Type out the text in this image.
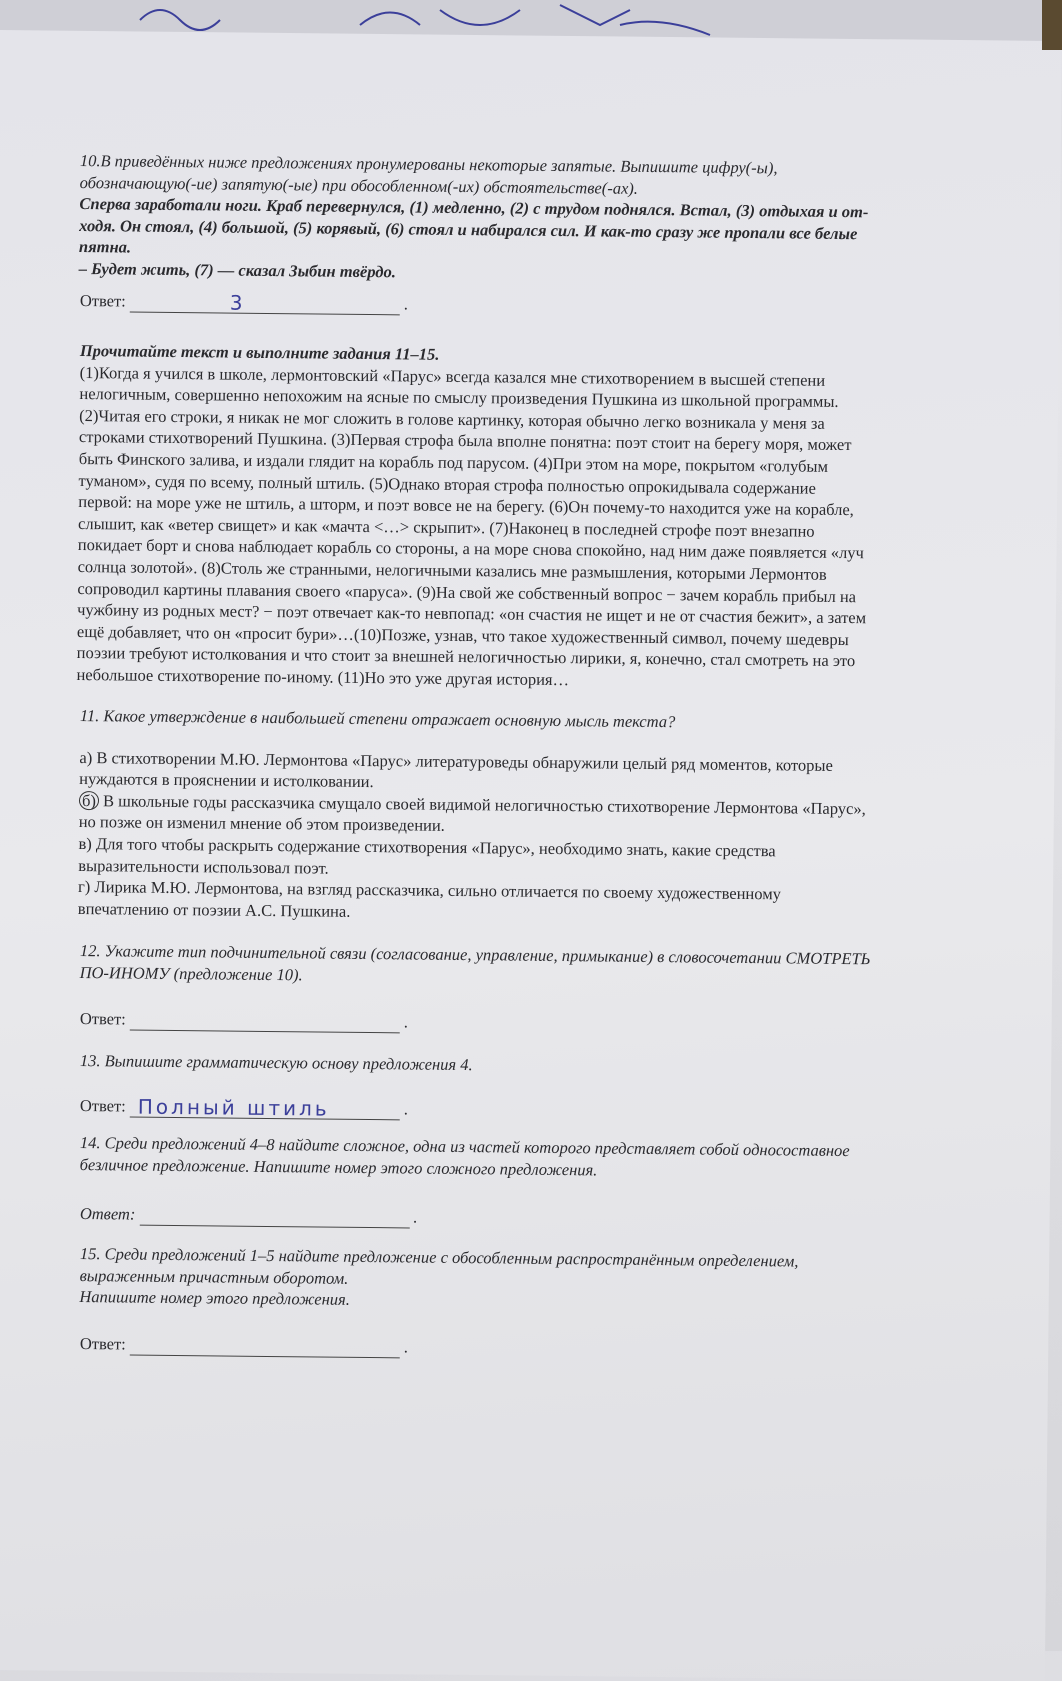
10.В приведённых ниже предложениях пронумерованы некоторые запятые. Выпишите цифру(-ы),
обозначающую(-ие) запятую(-ые) при обособленном(-их) обстоятельстве(-ах).
Сперва заработали ноги. Краб перевернулся, (1) медленно, (2) с трудом поднялся. Встал, (3) отдыхая и от-
ходя. Он стоял, (4) большой, (5) корявый, (6) стоял и набирался сил. И как-то сразу же пропали все белые
пятна.
– Будет жить, (7) — сказал Зыбин твёрдо.
Ответ:	3	.
Прочитайте текст и выполните задания 11–15.
(1)Когда я учился в школе, лермонтовский «Парус» всегда казался мне стихотворением в высшей степени
нелогичным, совершенно непохожим на ясные по смыслу произведения Пушкина из школьной программы.
(2)Читая его строки, я никак не мог сложить в голове картинку, которая обычно легко возникала у меня за
строками стихотворений Пушкина. (3)Первая строфа была вполне понятна: поэт стоит на берегу моря, может
быть Финского залива, и издали глядит на корабль под парусом. (4)При этом на море, покрытом «голубым
туманом», судя по всему, полный штиль. (5)Однако вторая строфа полностью опрокидывала содержание
первой: на море уже не штиль, а шторм, и поэт вовсе не на берегу. (6)Он почему-то находится уже на корабле,
слышит, как «ветер свищет» и как «мачта <…> скрыпит». (7)Наконец в последней строфе поэт внезапно
покидает борт и снова наблюдает корабль со стороны, а на море снова спокойно, над ним даже появляется «луч
солнца золотой». (8)Столь же странными, нелогичными казались мне размышления, которыми Лермонтов
сопроводил картины плавания своего «паруса». (9)На свой же собственный вопрос − зачем корабль прибыл на
чужбину из родных мест? − поэт отвечает как-то невпопад: «он счастия не ищет и не от счастия бежит», а затем
ещё добавляет, что он «просит бури»…(10)Позже, узнав, что такое художественный символ, почему шедевры
поэзии требуют истолкования и что стоит за внешней нелогичностью лирики, я, конечно, стал смотреть на это
небольшое стихотворение по-иному. (11)Но это уже другая история…
11. Какое утверждение в наибольшей степени отражает основную мысль текста?
а) В стихотворении М.Ю. Лермонтова «Парус» литературоведы обнаружили целый ряд моментов, которые
нуждаются в прояснении и истолковании.
б) В школьные годы рассказчика смущало своей видимой нелогичностью стихотворение Лермонтова «Парус»,
но позже он изменил мнение об этом произведении.
в) Для того чтобы раскрыть содержание стихотворения «Парус», необходимо знать, какие средства
выразительности использовал поэт.
г) Лирика М.Ю. Лермонтова, на взгляд рассказчика, сильно отличается по своему художественному
впечатлению от поэзии А.С. Пушкина.
12. Укажите тип подчинительной связи (согласование, управление, примыкание) в словосочетании СМОТРЕТЬ
ПО-ИНОМУ (предложение 10).
Ответ:	.
13. Выпишите грамматическую основу предложения 4.
Ответ: Полный штиль	.
14. Среди предложений 4–8 найдите сложное, одна из частей которого представляет собой односоставное
безличное предложение. Напишите номер этого сложного предложения.
Ответ:	.
15. Среди предложений 1–5 найдите предложение с обособленным распространённым определением,
выраженным причастным оборотом.
Напишите номер этого предложения.
Ответ:	.
